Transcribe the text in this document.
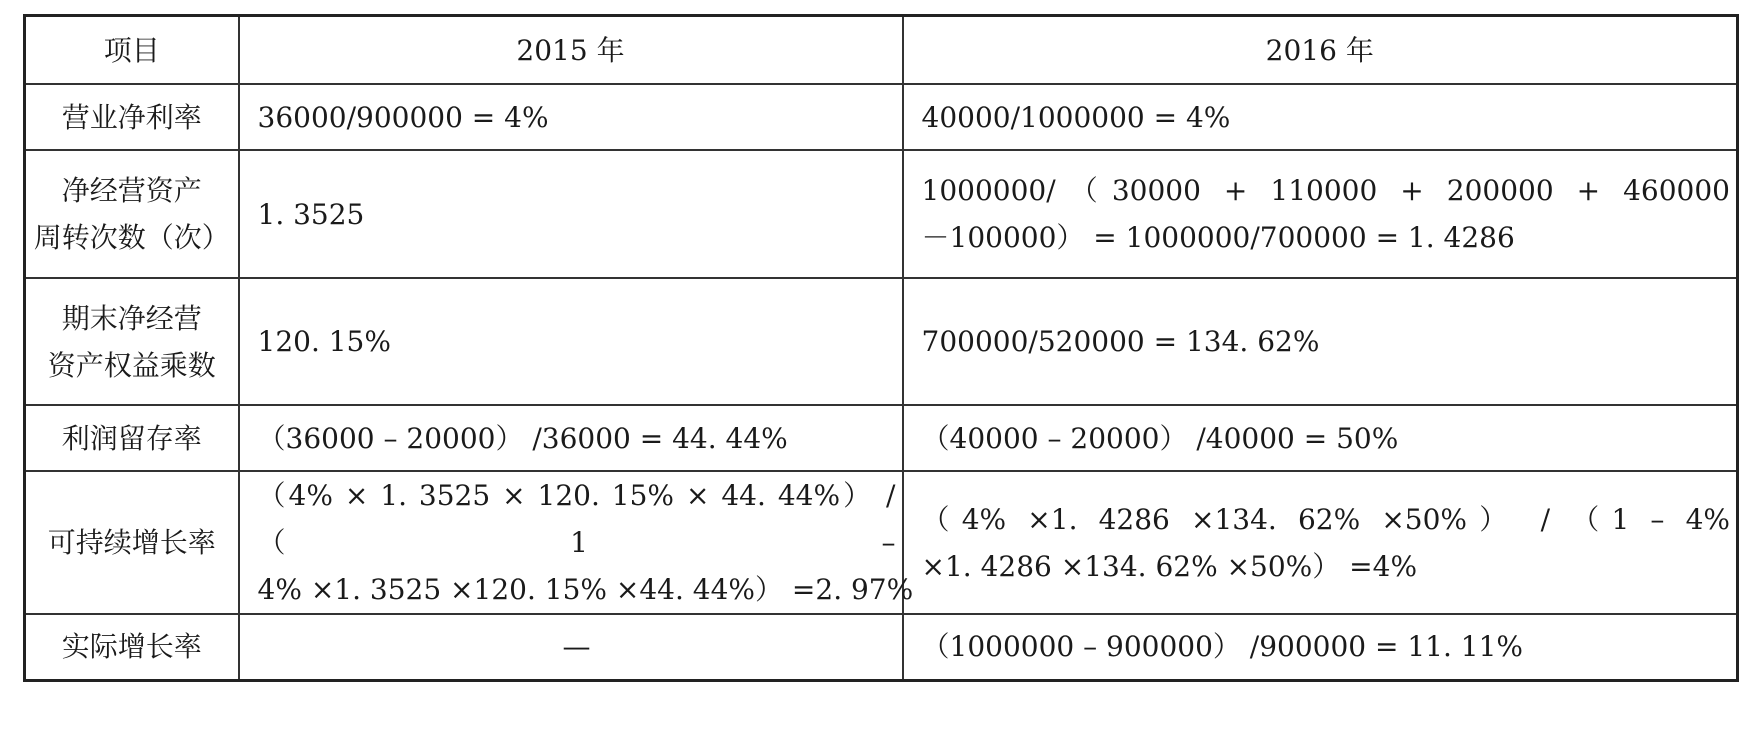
项目	2015 年	2016 年

营业净利率	36000/900000 = 4%	40000/1000000 = 4%

净经营资产
周转次数（次）	1. 3525	1000000/（30000 + 110000 + 200000 + 460000
－100000） = 1000000/700000 = 1. 4286

期末净经营
资产权益乘数	120. 15%	700000/520000 = 134. 62%

利润留存率	（36000 – 20000） /36000 = 44. 44%	（40000 – 20000） /40000 = 50%

可持续增长率	（4% × 1. 3525 × 120. 15% × 44. 44%） / （1 –
4% ×1. 3525 ×120. 15% ×44. 44%） =2. 97%	（4% ×1. 4286 ×134. 62% ×50%） / （1 – 4%
×1. 4286 ×134. 62% ×50%） =4%

实际增长率	—	（1000000 – 900000） /900000 = 11. 11%
